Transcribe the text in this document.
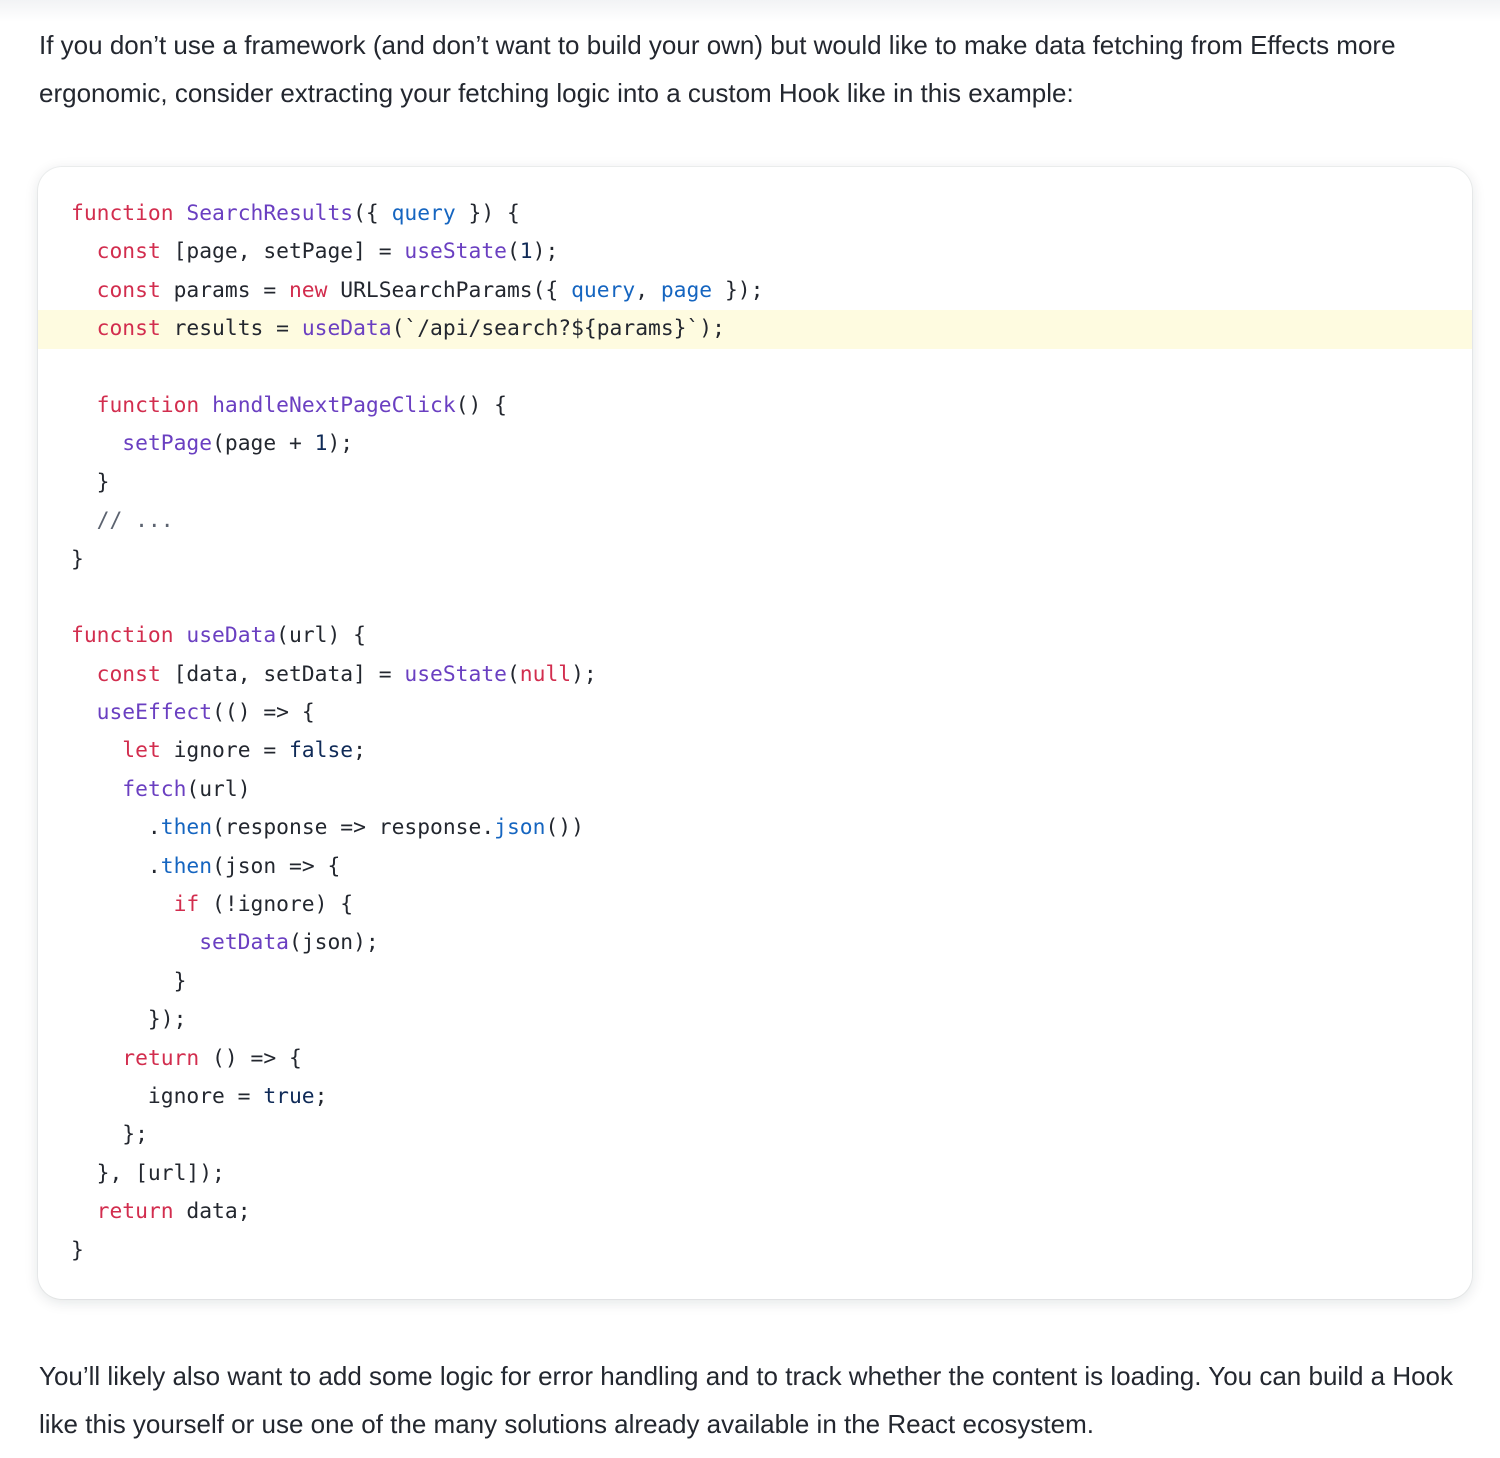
If you don’t use a framework (and don’t want to build your own) but would like to make data fetching from Effects more ergonomic, consider extracting your fetching logic into a custom Hook like in this example:

function SearchResults({ query }) {
const [page, setPage] = useState(1);
const params = new URLSearchParams({ query, page });
const results = useData(`/api/search?${params}`);

function handleNextPageClick() {
setPage(page + 1);
}
// ...
}

function useData(url) {
const [data, setData] = useState(null);
useEffect(() => {
let ignore = false;
fetch(url)
.then(response => response.json())
.then(json => {
if (!ignore) {
setData(json);
}
});
return () => {
ignore = true;
};
}, [url]);
return data;
}

You’ll likely also want to add some logic for error handling and to track whether the content is loading. You can build a Hook like this yourself or use one of the many solutions already available in the React ecosystem.
